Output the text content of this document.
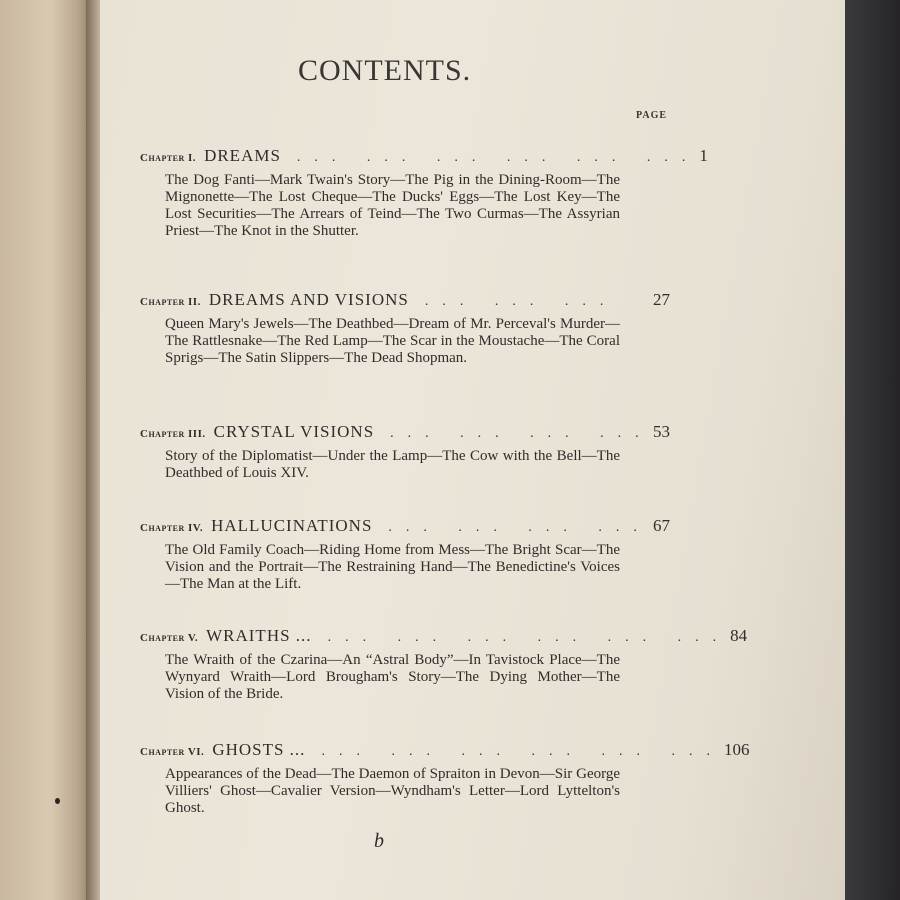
CONTENTS.
PAGE
Chapter I. DREAMS	... ... ... ... ... ... 1
The Dog Fanti—Mark Twain's Story—The Pig in the Dining-Room—The Mignonette—The Lost Cheque—The Ducks' Eggs—The Lost Key—The Lost Securities—The Arrears of Teind—The Two Curmas—The Assyrian Priest—The Knot in the Shutter.
Chapter II. DREAMS AND VISIONS	... ... ...	27
Queen Mary's Jewels—The Deathbed—Dream of Mr. Perceval's Murder—The Rattlesnake—The Red Lamp—The Scar in the Moustache—The Coral Sprigs—The Satin Slippers—The Dead Shopman.
Chapter III. CRYSTAL VISIONS	... ... ... ... 53
Story of the Diplomatist—Under the Lamp—The Cow with the Bell—The Deathbed of Louis XIV.
Chapter IV. HALLUCINATIONS	... ... ... ... 67
The Old Family Coach—Riding Home from Mess—The Bright Scar—The Vision and the Portrait—The Restraining Hand—The Benedictine's Voices—The Man at the Lift.
Chapter V. WRAITHS ...	... ... ... ... ... ... 84
The Wraith of the Czarina—An “Astral Body”—In Tavistock Place—The Wynyard Wraith—Lord Brougham's Story—The Dying Mother—The Vision of the Bride.
Chapter VI. GHOSTS ...	... ... ... ... ... ... 106
Appearances of the Dead—The Daemon of Spraiton in Devon—Sir George Villiers' Ghost—Cavalier Version—Wyndham's Letter—Lord Lyttelton's Ghost.
b
